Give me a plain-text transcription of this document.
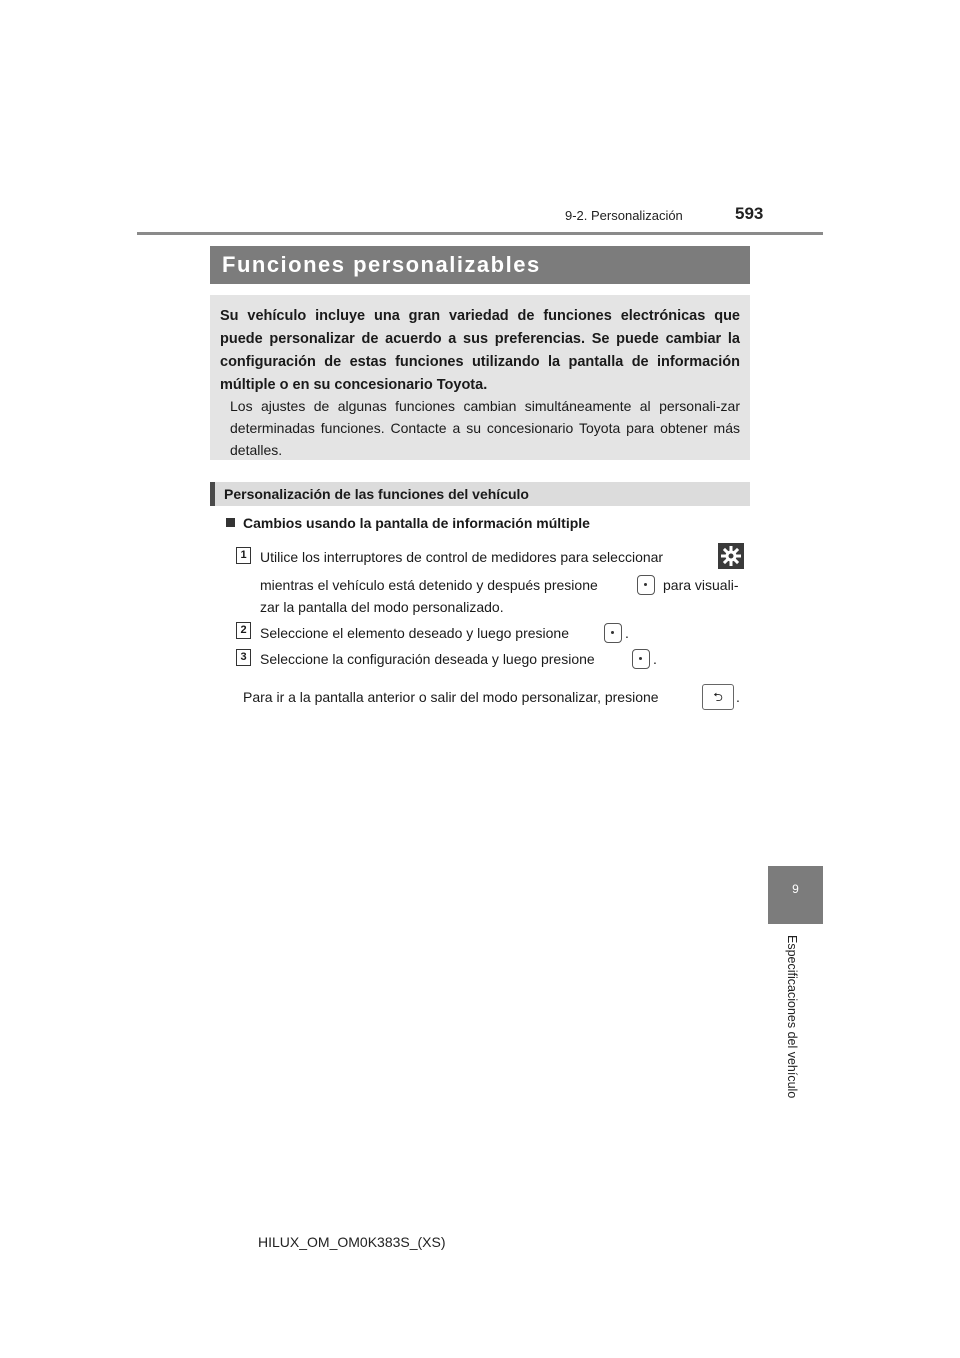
9-2. Personalización	593
Funciones personalizables
Su vehículo incluye una gran variedad de funciones electrónicas que puede personalizar de acuerdo a sus preferencias. Se puede cambiar la configuración de estas funciones utilizando la pantalla de información múltiple o en su concesionario Toyota.
Los ajustes de algunas funciones cambian simultáneamente al personali-zar determinadas funciones. Contacte a su concesionario Toyota para obtener más detalles.
Personalización de las funciones del vehículo
Cambios usando la pantalla de información múltiple
1 Utilice los interruptores de control de medidores para seleccionar
mientras el vehículo está detenido y después presione	para visuali-
zar la pantalla del modo personalizado.
2 Seleccione el elemento deseado y luego presione	.
3 Seleccione la configuración deseada y luego presione	.
Para ir a la pantalla anterior o salir del modo personalizar, presione	⮌ .
9
Especificaciones del vehículo
HILUX_OM_OM0K383S_(XS)
